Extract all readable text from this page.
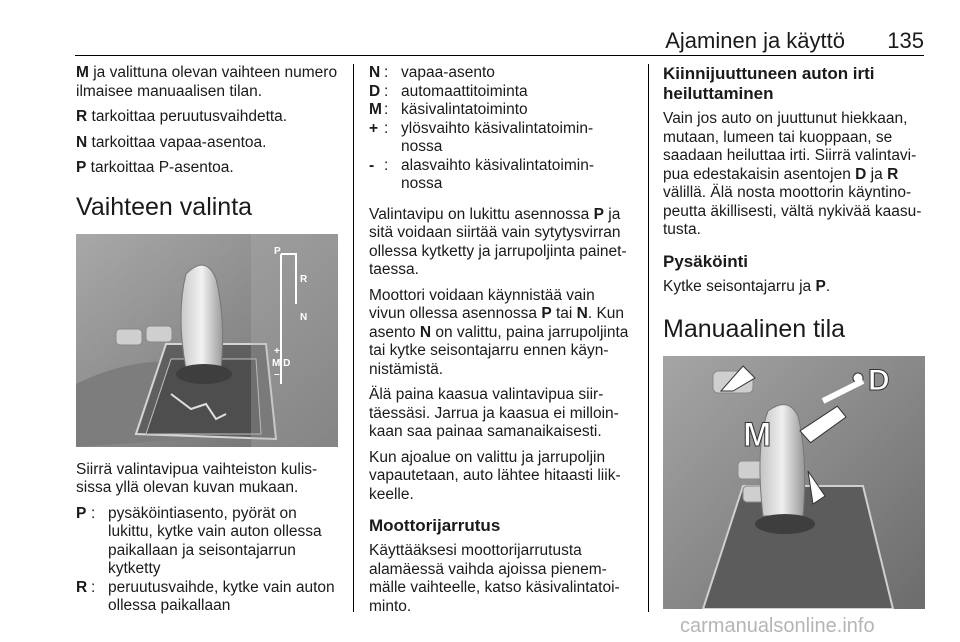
Ajaminen ja käyttö 135

M ja valittuna olevan vaihteen numero ilmaisee manuaalisen tilan.

R tarkoittaa peruutusvaihdetta.

N tarkoittaa vapaa-asentoa.

P tarkoittaa P-asentoa.

Vaihteen valinta
P
R
N
+
M D
–

Siirrä valintavipua vaihteiston kulis-sissa yllä olevan kuvan mukaan.

P : pysäköintiasento, pyörät on lukittu, kytke vain auton ollessa paikallaan ja seisontajarrun kytketty
R : peruutusvaihde, kytke vain auton ollessa paikallaan
N : vapaa-asento
D : automaattitoiminta
M : käsivalintatoiminto
+ : ylösvaihto käsivalintatoimin-nossa
- : alasvaihto käsivalintatoimin-nossa

Valintavipu on lukittu asennossa P ja sitä voidaan siirtää vain sytytysvirran ollessa kytketty ja jarrupoljinta painet-taessa.

Moottori voidaan käynnistää vain vivun ollessa asennossa P tai N. Kun asento N on valittu, paina jarrupoljinta tai kytke seisontajarru ennen käyn-nistämistä.

Älä paina kaasua valintavipua siir-täessäsi. Jarrua ja kaasua ei milloin-kaan saa painaa samanaikaisesti.

Kun ajoalue on valittu ja jarrupoljin vapautetaan, auto lähtee hitaasti liik-keelle.

Moottorijarrutus

Käyttääksesi moottorijarrutusta alamäessä vaihda ajoissa pienem-mälle vaihteelle, katso käsivalintatoi-minto.

Kiinnijuuttuneen auton irti heiluttaminen

Vain jos auto on juuttunut hiekkaan, mutaan, lumeen tai kuoppaan, se saadaan heiluttaa irti. Siirrä valintavi-pua edestakaisin asentojen D ja R välillä. Älä nosta moottorin käyntino-peutta äkillisesti, vältä nykivää kaasu-tusta.

Pysäköinti

Kytke seisontajarru ja P.

Manuaalinen tila
D
M
carmanualsonline.info
